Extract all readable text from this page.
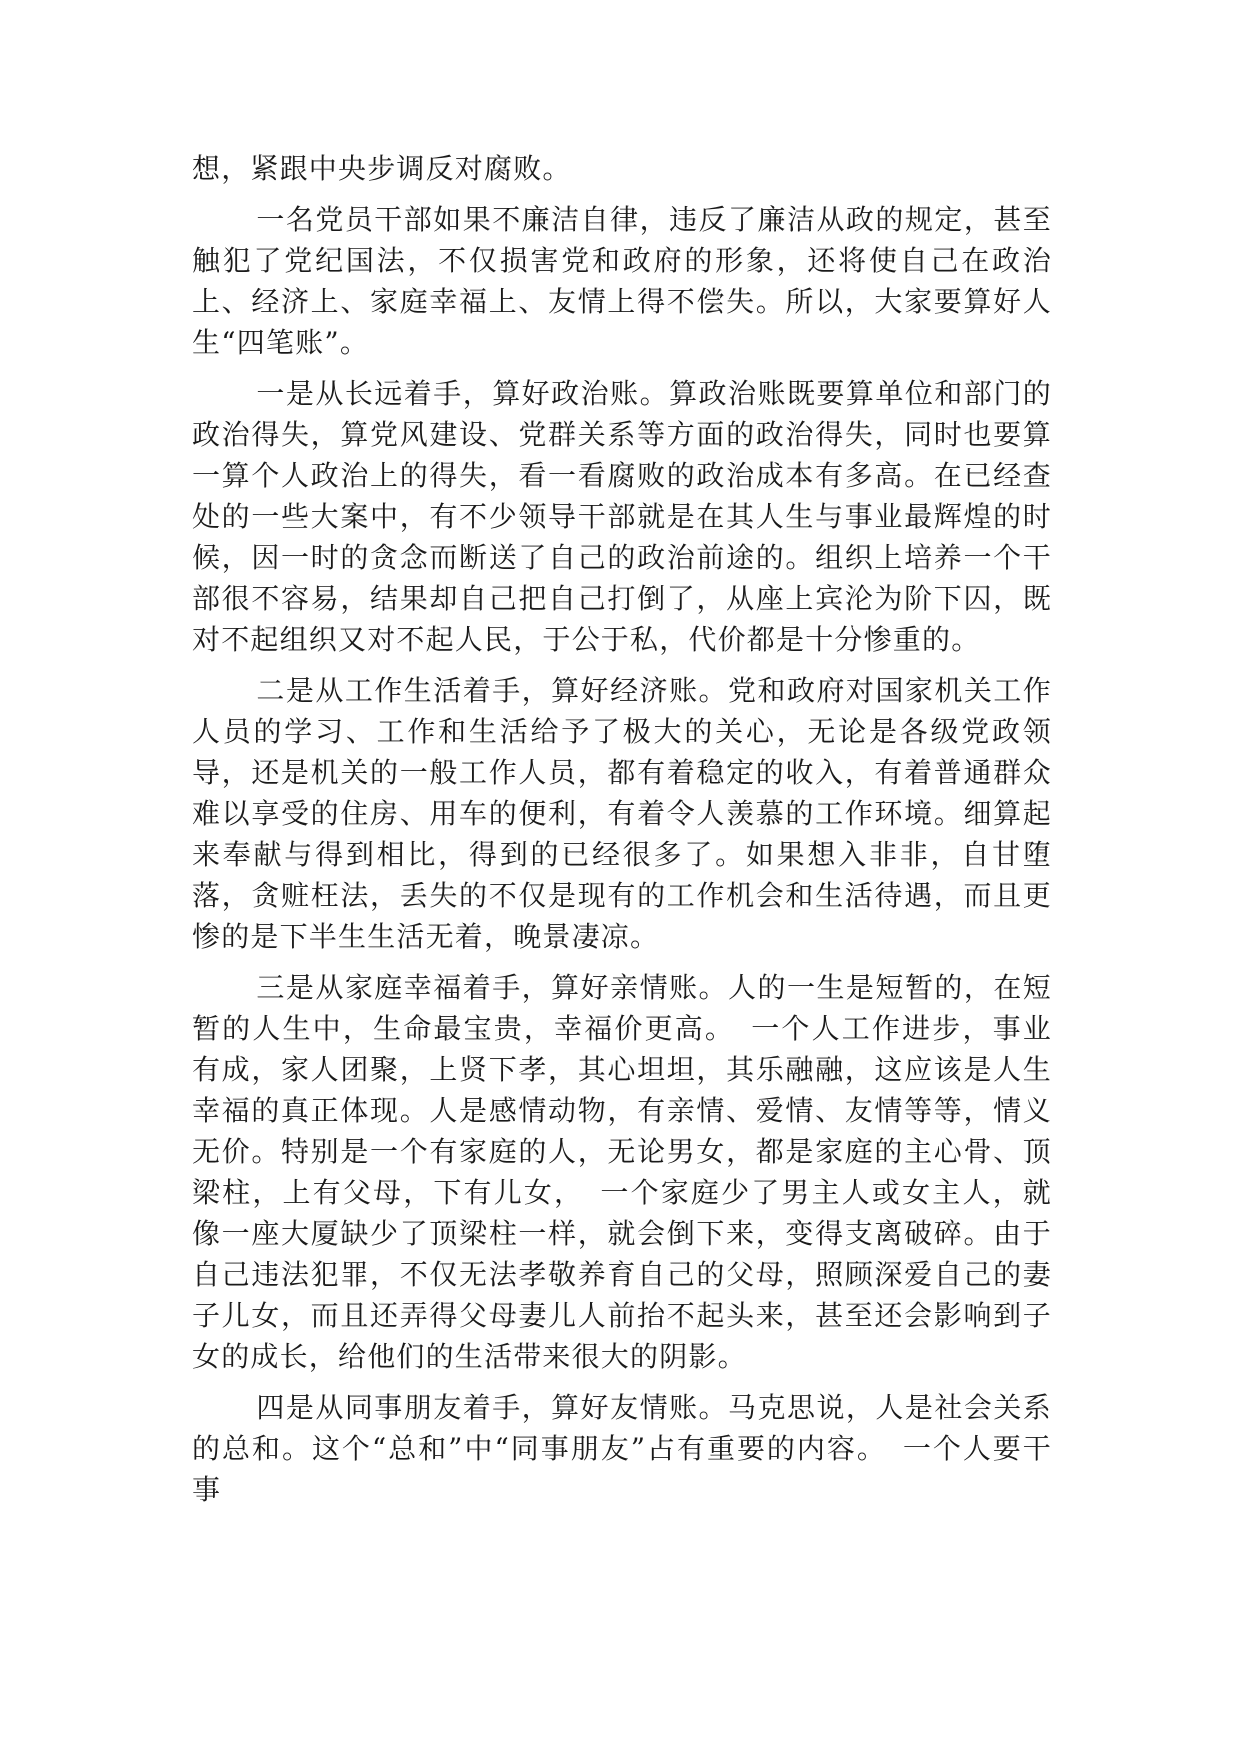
想，紧跟中央步调反对腐败。

一名党员干部如果不廉洁自律，违反了廉洁从政的规定，甚至触犯了党纪国法，不仅损害党和政府的形象，还将使自己在政治上、经济上、家庭幸福上、友情上得不偿失。所以，大家要算好人生“四笔账”。

一是从长远着手，算好政治账。算政治账既要算单位和部门的政治得失，算党风建设、党群关系等方面的政治得失，同时也要算一算个人政治上的得失，看一看腐败的政治成本有多高。在已经查处的一些大案中，有不少领导干部就是在其人生与事业最辉煌的时候，因一时的贪念而断送了自己的政治前途的。组织上培养一个干部很不容易，结果却自己把自己打倒了，从座上宾沦为阶下囚，既对不起组织又对不起人民，于公于私，代价都是十分惨重的。

二是从工作生活着手，算好经济账。党和政府对国家机关工作人员的学习、工作和生活给予了极大的关心，无论是各级党政领导，还是机关的一般工作人员，都有着稳定的收入，有着普通群众难以享受的住房、用车的便利，有着令人羡慕的工作环境。细算起来奉献与得到相比，得到的已经很多了。如果想入非非，自甘堕落，贪赃枉法，丢失的不仅是现有的工作机会和生活待遇，而且更惨的是下半生生活无着，晚景凄凉。

三是从家庭幸福着手，算好亲情账。人的一生是短暂的，在短暂的人生中，生命最宝贵，幸福价更高。　一个人工作进步，事业有成，家人团聚，上贤下孝，其心坦坦，其乐融融，这应该是人生幸福的真正体现。人是感情动物，有亲情、爱情、友情等等，情义无价。特别是一个有家庭的人，无论男女，都是家庭的主心骨、顶梁柱，上有父母，下有儿女，　一个家庭少了男主人或女主人，就像一座大厦缺少了顶梁柱一样，就会倒下来，变得支离破碎。由于自己违法犯罪，不仅无法孝敬养育自己的父母，照顾深爱自己的妻子儿女，而且还弄得父母妻儿人前抬不起头来，甚至还会影响到子女的成长，给他们的生活带来很大的阴影。

四是从同事朋友着手，算好友情账。马克思说，人是社会关系的总和。这个“总和”中“同事朋友”占有重要的内容。　一个人要干事
